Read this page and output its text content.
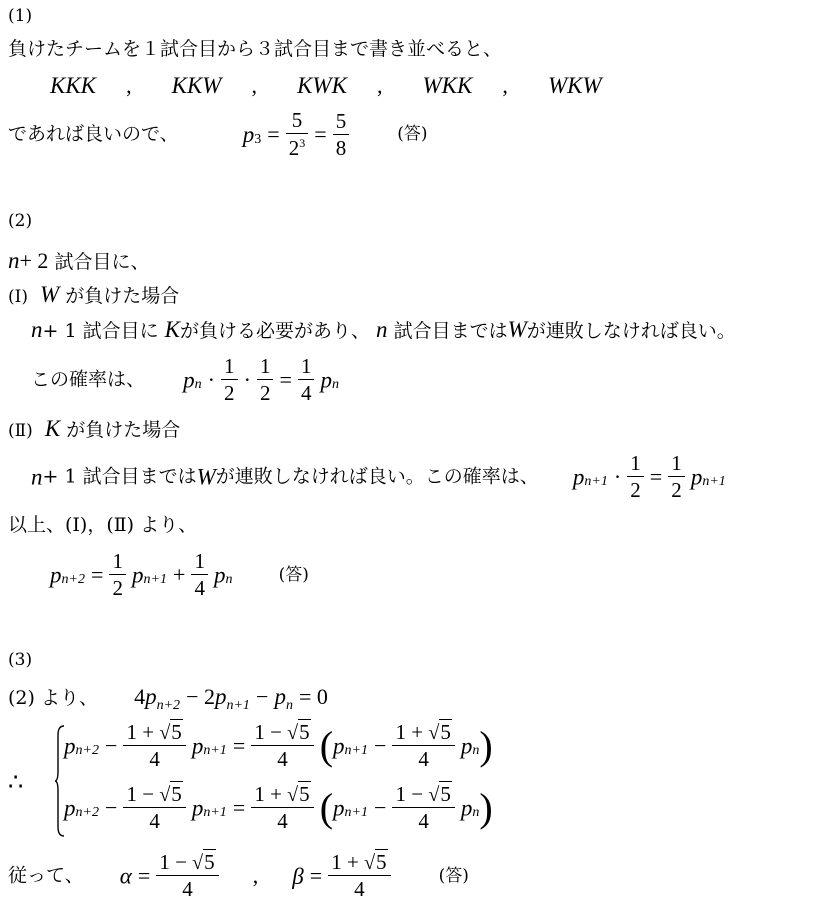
(1)
負けたチームを１試合目から３試合目まで書き並べると、
KKK , KKW , KWK , WKK , WKW
であれば良いので、	$p_3 = \frac{5}{2^3} = \frac{5}{8}$	(答)
(2)
n+ 2 試合目に、
(Ⅰ) W が負けた場合
n+ 1 試合目に Kが負ける必要があり、 n 試合目まではWが連敗しなければ良い。
この確率は、 $p_n \cdot \frac{1}{2} \cdot \frac{1}{2} = \frac{1}{4} p_n$
(Ⅱ) K が負けた場合
n+ 1 試合目まではWが連敗しなければ良い。この確率は、 $p_{n+1} \cdot \frac{1}{2} = \frac{1}{2} p_{n+1}$
以上、(Ⅰ)，(Ⅱ) より、
$p_{n+2} = \frac{1}{2} p_{n+1} + \frac{1}{4} p_n$	(答)
(3)
(2) より、 $4p_{n+2} - 2p_{n+1} - p_n = 0$
∴
$p_{n+2} - \frac{1 + √5}{4} p_{n+1} = \frac{1 - √5}{4} (p_{n+1} - \frac{1 + √5}{4} p_n)$
$p_{n+2} - \frac{1 - √5}{4} p_{n+1} = \frac{1 + √5}{4} (p_{n+1} - \frac{1 - √5}{4} p_n)$
従って、 $\alpha = \frac{1 - √5}{4}$ , $\beta = \frac{1 + √5}{4}$	(答)
